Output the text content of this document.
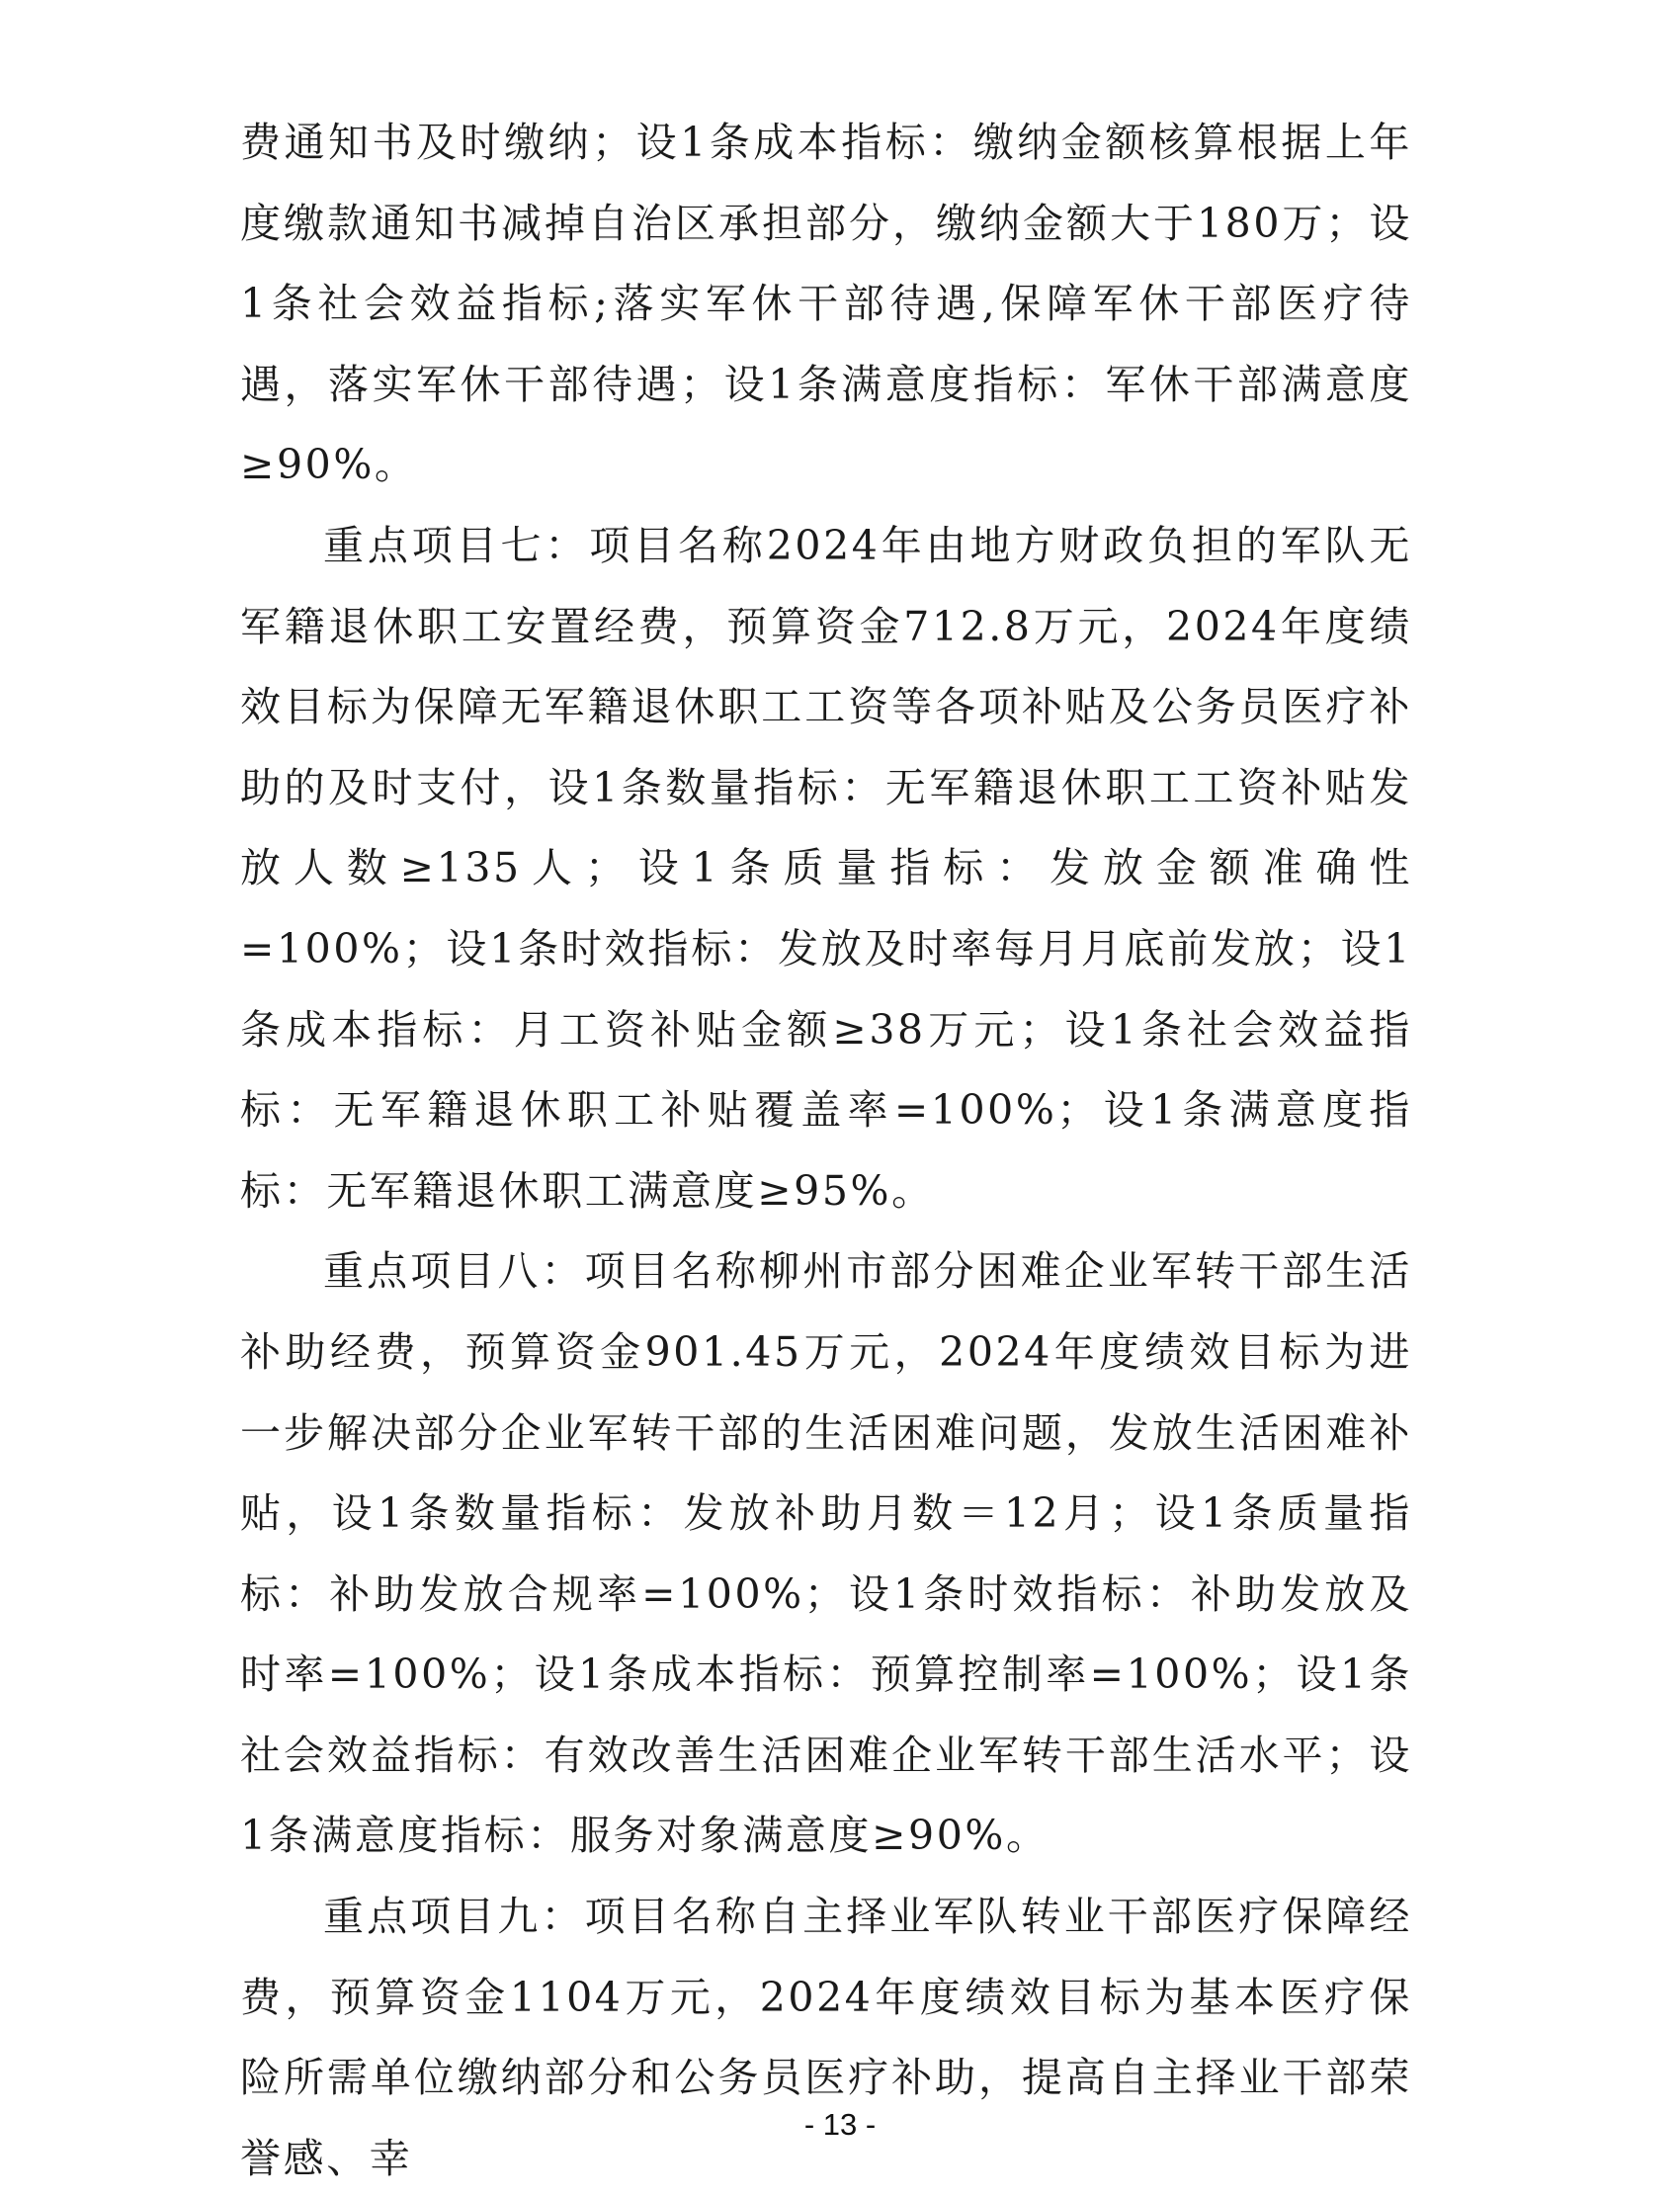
费通知书及时缴纳；设1条成本指标：缴纳金额核算根据上年度缴款通知书减掉自治区承担部分，缴纳金额大于180万；设1条社会效益指标;落实军休干部待遇,保障军休干部医疗待遇，落实军休干部待遇；设1条满意度指标：军休干部满意度≥90%。

重点项目七：项目名称2024年由地方财政负担的军队无军籍退休职工安置经费，预算资金712.8万元，2024年度绩效目标为保障无军籍退休职工工资等各项补贴及公务员医疗补助的及时支付，设1条数量指标：无军籍退休职工工资补贴发放人数≥135人；设1条质量指标：发放金额准确性=100%；设1条时效指标：发放及时率每月月底前发放；设1条成本指标：月工资补贴金额≥38万元；设1条社会效益指标：无军籍退休职工补贴覆盖率=100%；设1条满意度指标：无军籍退休职工满意度≥95%。

重点项目八：项目名称柳州市部分困难企业军转干部生活补助经费，预算资金901.45万元，2024年度绩效目标为进一步解决部分企业军转干部的生活困难问题，发放生活困难补贴，设1条数量指标：发放补助月数＝12月；设1条质量指标：补助发放合规率=100%；设1条时效指标：补助发放及时率=100%；设1条成本指标：预算控制率=100%；设1条社会效益指标：有效改善生活困难企业军转干部生活水平；设1条满意度指标：服务对象满意度≥90%。

重点项目九：项目名称自主择业军队转业干部医疗保障经费，预算资金1104万元，2024年度绩效目标为基本医疗保险所需单位缴纳部分和公务员医疗补助，提高自主择业干部荣誉感、幸

- 13 -
